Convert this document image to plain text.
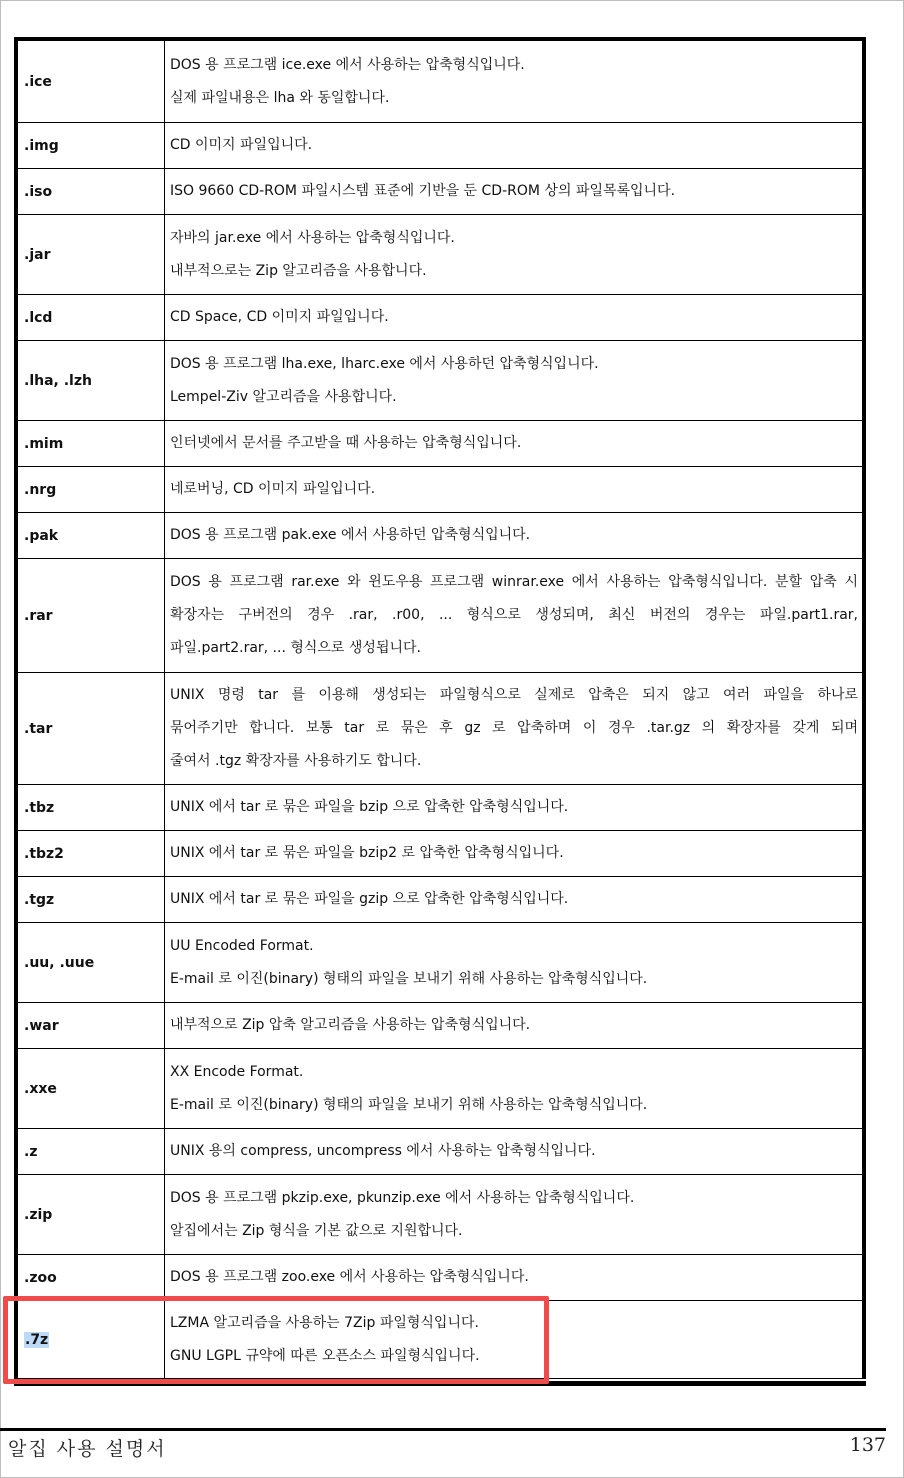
.ice	DOS 용 프로그램 ice.exe 에서 사용하는 압축형식입니다.
실제 파일내용은 lha 와 동일합니다.

.img	CD 이미지 파일입니다.

.iso	ISO 9660 CD-ROM 파일시스템 표준에 기반을 둔 CD-ROM 상의 파일목록입니다.

.jar	자바의 jar.exe 에서 사용하는 압축형식입니다.
내부적으로는 Zip 알고리즘을 사용합니다.

.lcd	CD Space, CD 이미지 파일입니다.

.lha, .lzh	DOS 용 프로그램 lha.exe, lharc.exe 에서 사용하던 압축형식입니다.
Lempel-Ziv 알고리즘을 사용합니다.

.mim	인터넷에서 문서를 주고받을 때 사용하는 압축형식입니다.

.nrg	네로버닝, CD 이미지 파일입니다.

.pak	DOS 용 프로그램 pak.exe 에서 사용하던 압축형식입니다.

.rar	DOS 용 프로그램 rar.exe 와 윈도우용 프로그램 winrar.exe 에서 사용하는 압축형식입니다. 분할 압축 시
확장자는 구버전의 경우 .rar, .r00, ... 형식으로 생성되며, 최신 버전의 경우는 파일.part1.rar,
파일.part2.rar, ... 형식으로 생성됩니다.

.tar	UNIX 명령 tar 를 이용해 생성되는 파일형식으로 실제로 압축은 되지 않고 여러 파일을 하나로
묶어주기만 합니다. 보통 tar 로 묶은 후 gz 로 압축하며 이 경우 .tar.gz 의 확장자를 갖게 되며
줄여서 .tgz 확장자를 사용하기도 합니다.

.tbz	UNIX 에서 tar 로 묶은 파일을 bzip 으로 압축한 압축형식입니다.

.tbz2	UNIX 에서 tar 로 묶은 파일을 bzip2 로 압축한 압축형식입니다.

.tgz	UNIX 에서 tar 로 묶은 파일을 gzip 으로 압축한 압축형식입니다.

.uu, .uue	UU Encoded Format.
E-mail 로 이진(binary) 형태의 파일을 보내기 위해 사용하는 압축형식입니다.

.war	내부적으로 Zip 압축 알고리즘을 사용하는 압축형식입니다.

.xxe	XX Encode Format.
E-mail 로 이진(binary) 형태의 파일을 보내기 위해 사용하는 압축형식입니다.

.z	UNIX 용의 compress, uncompress 에서 사용하는 압축형식입니다.

.zip	DOS 용 프로그램 pkzip.exe, pkunzip.exe 에서 사용하는 압축형식입니다.
알집에서는 Zip 형식을 기본 값으로 지원합니다.

.zoo	DOS 용 프로그램 zoo.exe 에서 사용하는 압축형식입니다.

.7z	LZMA 알고리즘을 사용하는 7Zip 파일형식입니다.
GNU LGPL 규약에 따른 오픈소스 파일형식입니다.
알집 사용 설명서	137
